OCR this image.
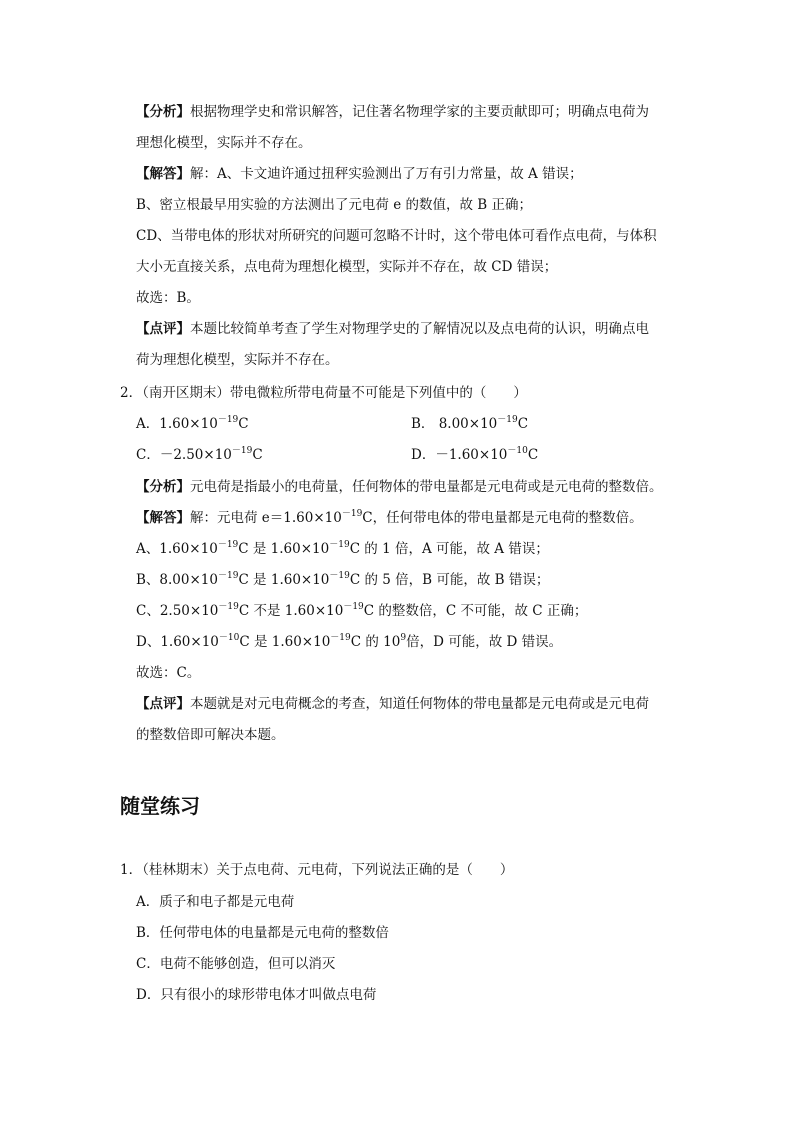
【分析】根据物理学史和常识解答，记住著名物理学家的主要贡献即可；明确点电荷为
理想化模型，实际并不存在。
【解答】解：A、卡文迪许通过扭秤实验测出了万有引力常量，故 A 错误；
B、密立根最早用实验的方法测出了元电荷 e 的数值，故 B 正确；
CD、当带电体的形状对所研究的问题可忽略不计时，这个带电体可看作点电荷，与体积
大小无直接关系，点电荷为理想化模型，实际并不存在，故 CD 错误；
故选：B。
【点评】本题比较简单考查了学生对物理学史的了解情况以及点电荷的认识，明确点电
荷为理想化模型，实际并不存在。
2．（南开区期末）带电微粒所带电荷量不可能是下列值中的（　　）
A．$1.60\times 10^{-19}C$	B． $8.00\times 10^{-19}C$
C．$-2.50\times 10^{-19}C$	D．$-1.60\times 10^{-10}C$
【分析】元电荷是指最小的电荷量，任何物体的带电量都是元电荷或是元电荷的整数倍。
【解答】解：元电荷 $e=1.60\times 10^{-19}C$，任何带电体的带电量都是元电荷的整数倍。
A、$1.60\times 10^{-19}C$ 是 $1.60\times 10^{-19}C$ 的 1 倍，A 可能，故 A 错误；
B、$8.00\times 10^{-19}C$ 是 $1.60\times 10^{-19}C$ 的 5 倍，B 可能，故 B 错误；
C、$2.50\times 10^{-19}C$ 不是 $1.60\times 10^{-19}C$ 的整数倍，C 不可能，故 C 正确；
D、$1.60\times 10^{-10}C$ 是 $1.60\times 10^{-19}C$ 的 $10^9$倍，D 可能，故 D 错误。
故选：C。
【点评】本题就是对元电荷概念的考查，知道任何物体的带电量都是元电荷或是元电荷
的整数倍即可解决本题。
随堂练习
1．（桂林期末）关于点电荷、元电荷，下列说法正确的是（　　）
A．质子和电子都是元电荷
B．任何带电体的电量都是元电荷的整数倍
C．电荷不能够创造，但可以消灭
D．只有很小的球形带电体才叫做点电荷
